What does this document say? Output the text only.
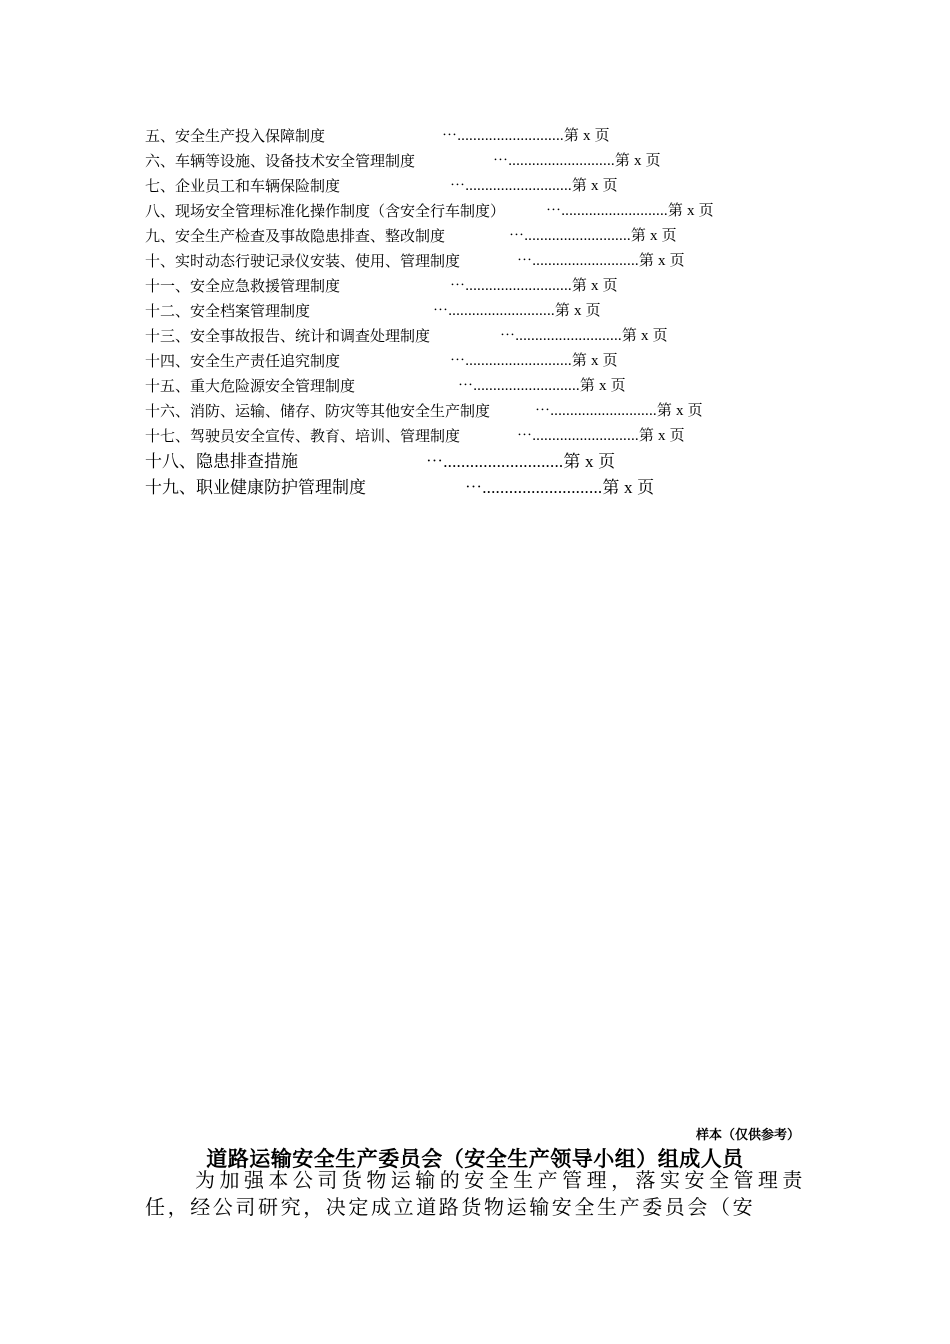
五、安全生产投入保障制度	⋯...........................第 x 页
六、车辆等设施、设备技术安全管理制度	⋯...........................第 x 页
七、企业员工和车辆保险制度	⋯...........................第 x 页
八、现场安全管理标准化操作制度（含安全行车制度）	⋯...........................第 x 页
九、安全生产检查及事故隐患排查、整改制度	⋯...........................第 x 页
十、实时动态行驶记录仪安装、使用、管理制度	⋯...........................第 x 页
十一、安全应急救援管理制度	⋯...........................第 x 页
十二、安全档案管理制度	⋯...........................第 x 页
十三、安全事故报告、统计和调查处理制度	⋯...........................第 x 页
十四、安全生产责任追究制度	⋯...........................第 x 页
十五、重大危险源安全管理制度	⋯...........................第 x 页
十六、消防、运输、储存、防灾等其他安全生产制度	⋯...........................第 x 页
十七、驾驶员安全宣传、教育、培训、管理制度	⋯...........................第 x 页
十八、隐患排查措施	⋯...........................第 x 页
十九、职业健康防护管理制度	⋯...........................第 x 页
样本（仅供参考）
道路运输安全生产委员会（安全生产领导小组）组成人员

为加强本公司货物运输的安全生产管理，落实安全管理责任，经公司研究，决定成立道路货物运输安全生产委员会（安
